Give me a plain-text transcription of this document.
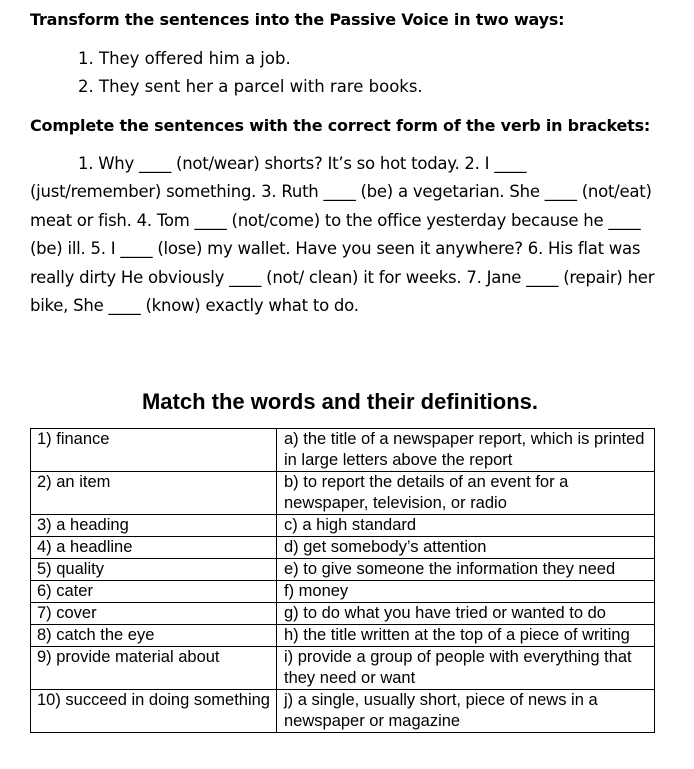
Transform the sentences into the Passive Voice in two ways:
1. They offered him a job.
2. They sent her a parcel with rare books.
Complete the sentences with the correct form of the verb in brackets:

1. Why ____ (not/wear) shorts? It’s so hot today. 2. I ____ (just/remember) something. 3. Ruth ____ (be) a vegetarian. She ____ (not/eat) meat or fish. 4. Tom ____ (not/come) to the office yesterday because he ____ (be) ill. 5. I ____ (lose) my wallet. Have you seen it anywhere? 6. His flat was really dirty He obviously ____ (not/ clean) it for weeks. 7. Jane ____ (repair) her bike, She ____ (know) exactly what to do.

Match the words and their definitions.
1) finance	a) the title of a newspaper report, which is printed in large letters above the report
2) an item	b) to report the details of an event for a newspaper, television, or radio
3) a heading	c) a high standard
4) a headline	d) get somebody’s attention
5) quality	e) to give someone the information they need
6) cater	f) money
7) cover	g) to do what you have tried or wanted to do
8) catch the eye	h) the title written at the top of a piece of writing
9) provide material about	i) provide a group of people with everything that they need or want
10) succeed in doing something	j) a single, usually short, piece of news in a newspaper or magazine
